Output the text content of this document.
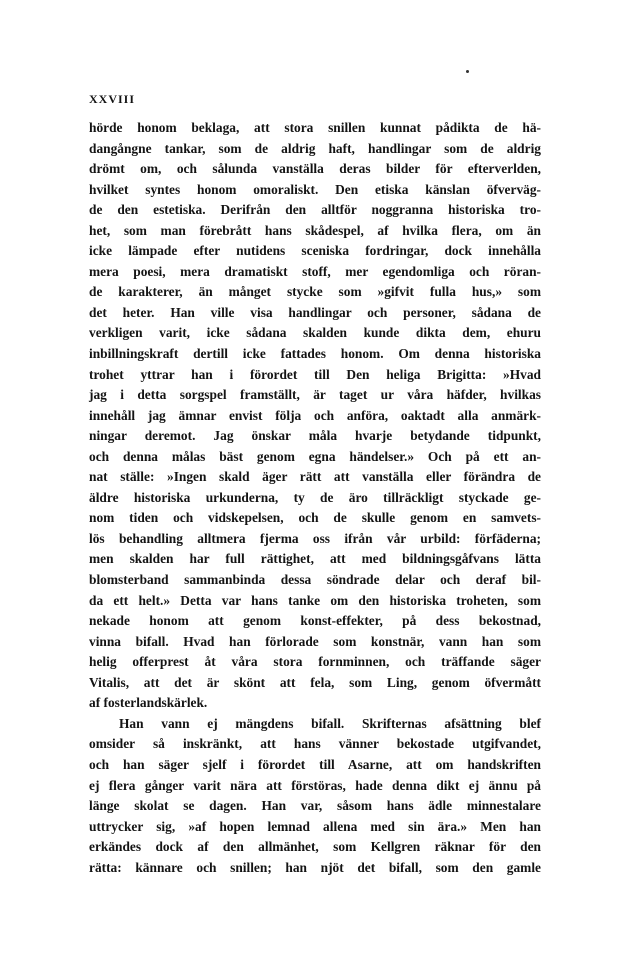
XXVIII
hörde honom beklaga, att stora snillen kunnat pådikta de hä-
dangångne tankar, som de aldrig haft, handlingar som de aldrig
drömt om, och sålunda vanställa deras bilder för efterverlden,
hvilket syntes honom omoraliskt. Den etiska känslan öfverväg-
de den estetiska. Derifrån den alltför noggranna historiska tro-
het, som man förebrått hans skådespel, af hvilka flera, om än
icke lämpade efter nutidens sceniska fordringar, dock innehålla
mera poesi, mera dramatiskt stoff, mer egendomliga och röran-
de karakterer, än månget stycke som »gifvit fulla hus,» som
det heter. Han ville visa handlingar och personer, sådana de
verkligen varit, icke sådana skalden kunde dikta dem, ehuru
inbillningskraft dertill icke fattades honom. Om denna historiska
trohet yttrar han i förordet till Den heliga Brigitta: »Hvad
jag i detta sorgspel framställt, är taget ur våra häfder, hvilkas
innehåll jag ämnar envist följa och anföra, oaktadt alla anmärk-
ningar deremot. Jag önskar måla hvarje betydande tidpunkt,
och denna målas bäst genom egna händelser.» Och på ett an-
nat ställe: »Ingen skald äger rätt att vanställa eller förändra de
äldre historiska urkunderna, ty de äro tillräckligt styckade ge-
nom tiden och vidskepelsen, och de skulle genom en samvets-
lös behandling alltmera fjerma oss ifrån vår urbild: förfäderna;
men skalden har full rättighet, att med bildningsgåfvans lätta
blomsterband sammanbinda dessa söndrade delar och deraf bil-
da ett helt.» Detta var hans tanke om den historiska troheten, som
nekade honom att genom konst-effekter, på dess bekostnad,
vinna bifall. Hvad han förlorade som konstnär, vann han som
helig offerprest åt våra stora fornminnen, och träffande säger
Vitalis, att det är skönt att fela, som Ling, genom öfvermått
af fosterlandskärlek.
Han vann ej mängdens bifall. Skrifternas afsättning blef
omsider så inskränkt, att hans vänner bekostade utgifvandet,
och han säger sjelf i förordet till Asarne, att om handskriften
ej flera gånger varit nära att förstöras, hade denna dikt ej ännu på
länge skolat se dagen. Han var, såsom hans ädle minnestalare
uttrycker sig, »af hopen lemnad allena med sin ära.» Men han
erkändes dock af den allmänhet, som Kellgren räknar för den
rätta: kännare och snillen; han njöt det bifall, som den gamle
